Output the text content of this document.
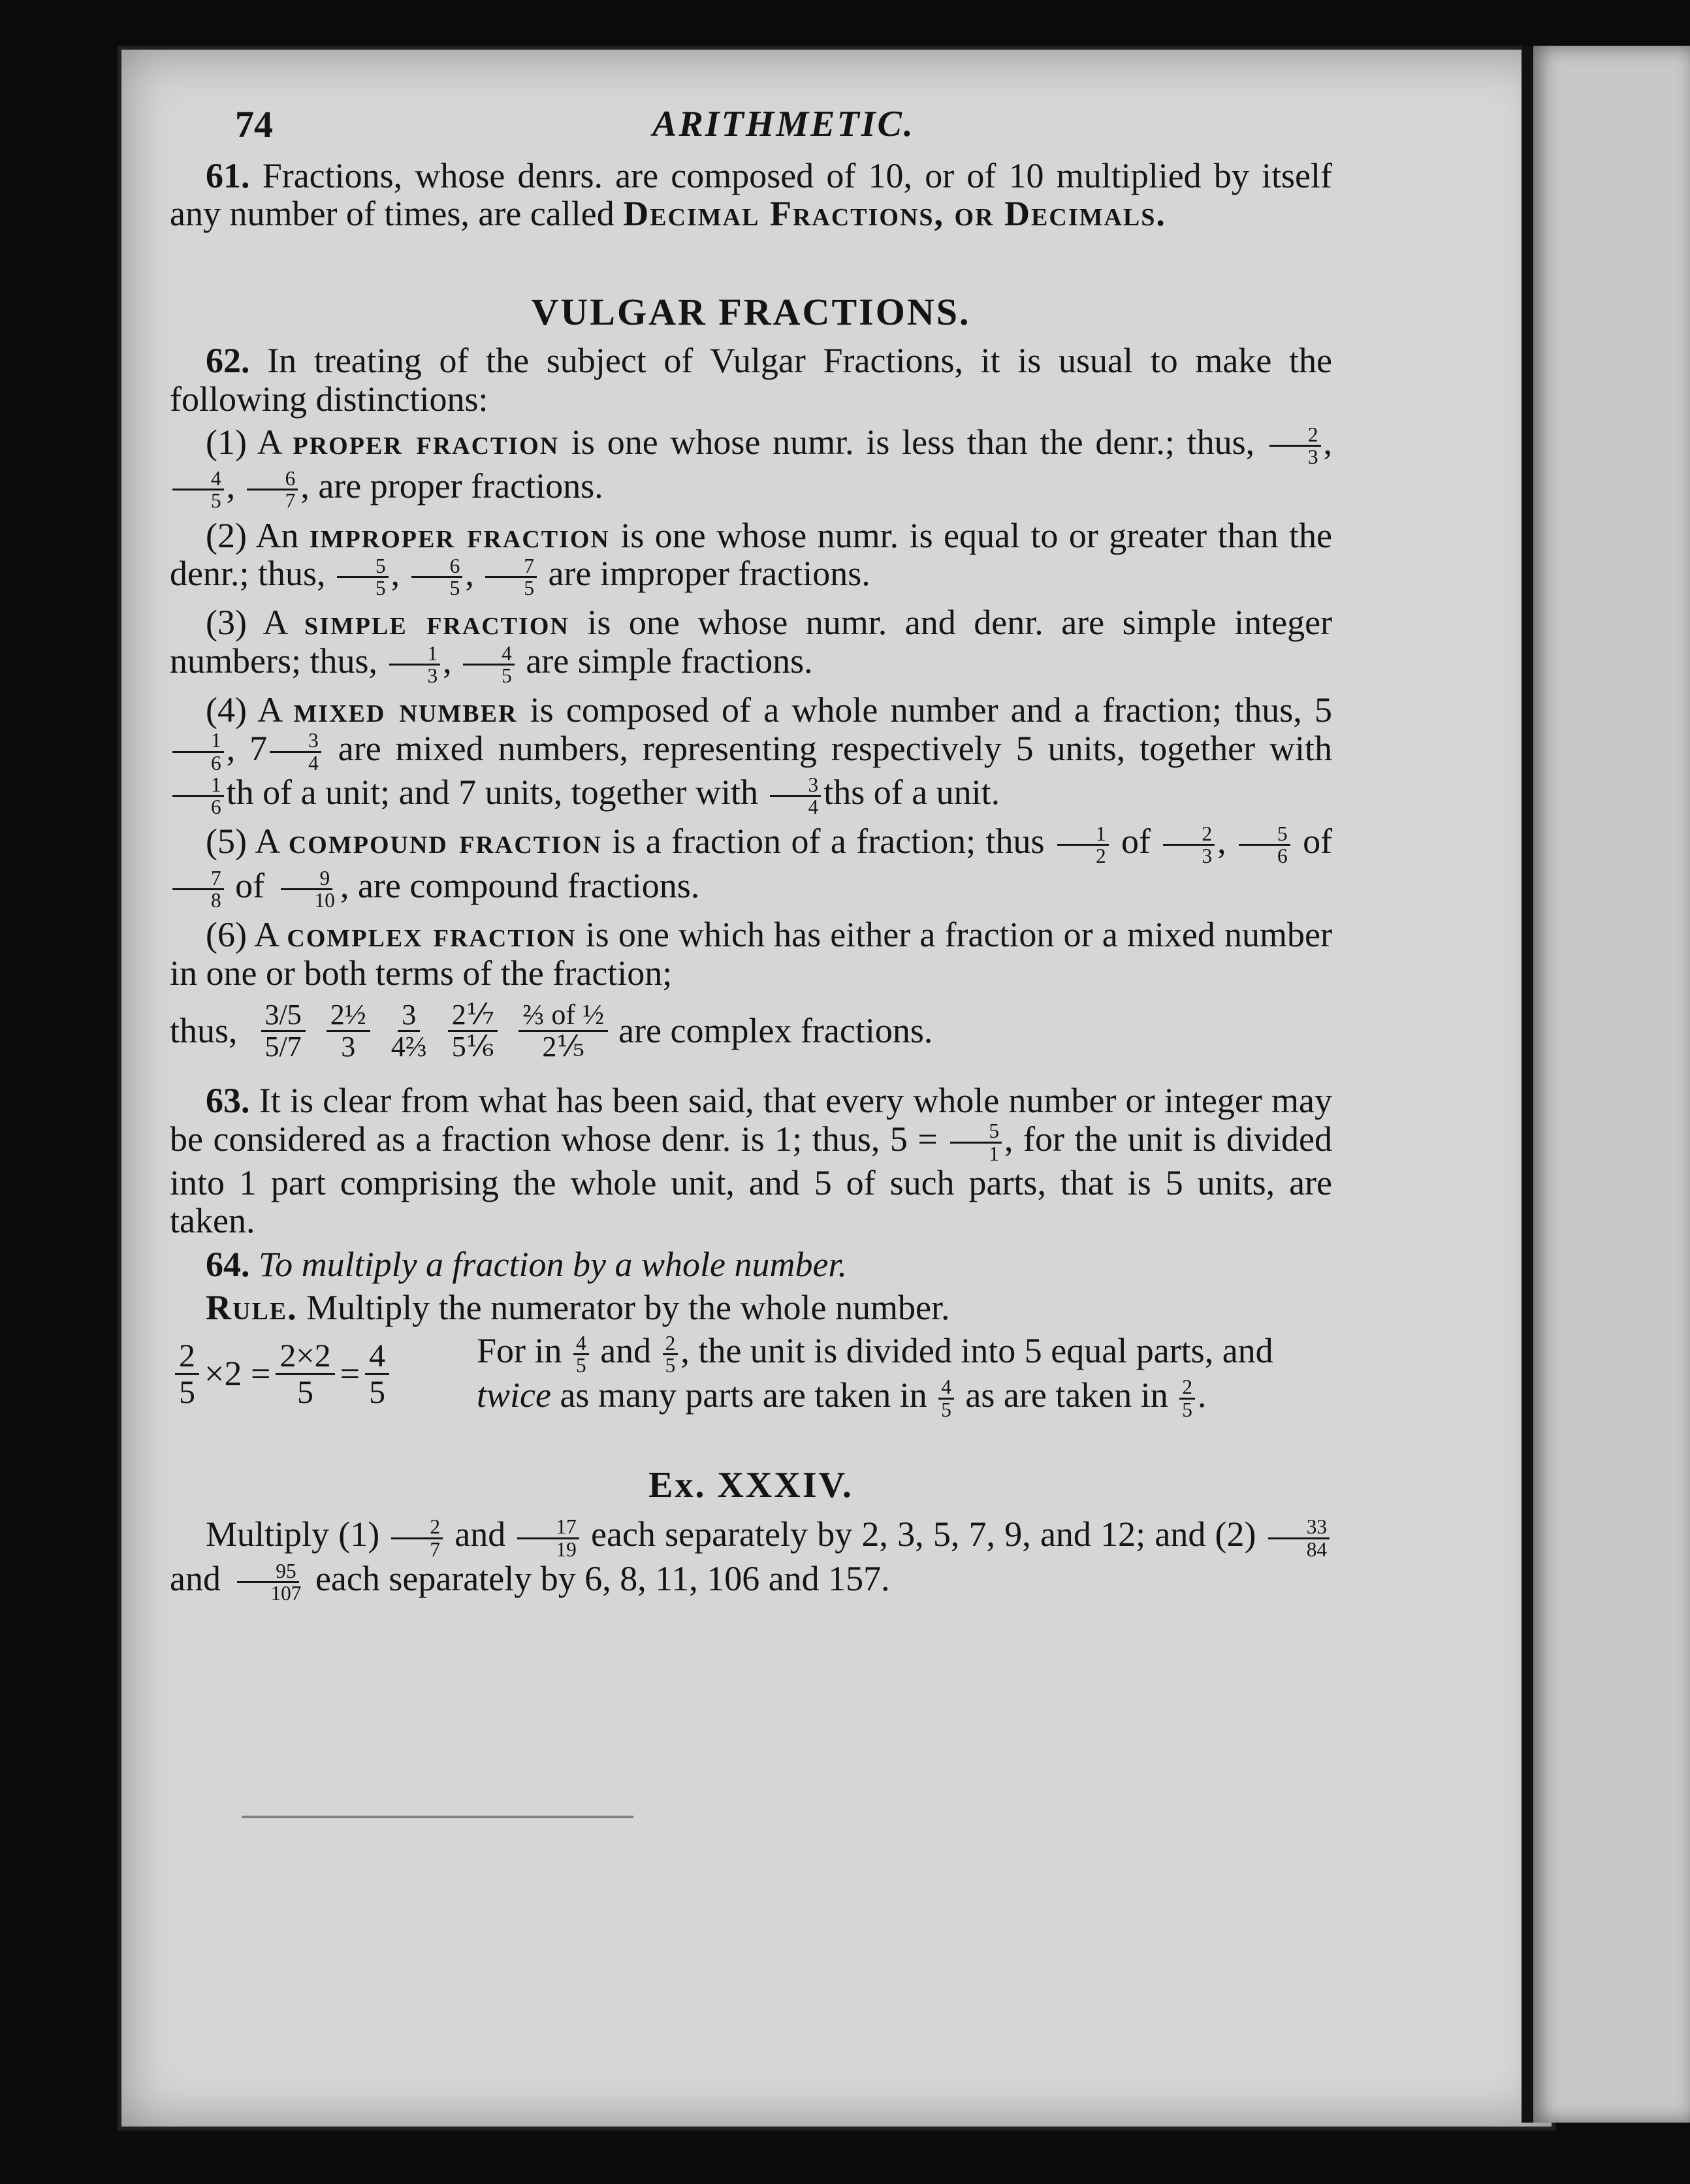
74	ARITHMETIC.

61. Fractions, whose denrs. are composed of 10, or of 10 multiplied by itself any number of times, are called Decimal Fractions, or Decimals.

VULGAR FRACTIONS.

62. In treating of the subject of Vulgar Fractions, it is usual to make the following distinctions:

(1) A proper fraction is one whose numr. is less than the denr.; thus, $\frac{2}{3}$ ,
$\frac{4}{5}$ , $\frac{6}{7}$ , are proper fractions.

(2) An improper fraction is one whose numr. is equal to or greater than the denr.; thus, $\frac{5}{5}$ , $\frac{6}{5}$ , $\frac{7}{5}$ are improper fractions.

(3) A simple fraction is one whose numr. and denr. are simple integer numbers; thus, $\frac{1}{3}$ , $\frac{4}{5}$ are simple fractions.

(4) A mixed number is composed of a whole number and a fraction; thus, 5
$\frac{1}{6}$ , $7 \frac{3}{4}$ are mixed numbers, representing respectively 5 units, together with
$\frac{1}{6}$ th of a unit; and 7 units, together with $\frac{3}{4}$ ths of a unit.

(5) A compound fraction is a fraction of a fraction; thus $\frac{1}{2}$ of $\frac{2}{3}$ , $\frac{5}{6}$ of
$\frac{7}{8}$ of $\frac{9}{10}$ , are compound fractions.

(6) A complex fraction is one which has either a fraction or a mixed number in one or both terms of the fraction;

thus, 3/5
5/7
2½
3
3
4⅔
2⅐
5⅙
⅔ of ½
2⅕ are complex fractions.

63. It is clear from what has been said, that every whole number or integer may be considered as a fraction whose denr. is 1; thus, $5 = \frac{5}{1}$ , for the unit is divided into 1 part comprising the whole unit, and 5 of such parts, that is 5 units, are taken.

64. To multiply a fraction by a whole number.

Rule. Multiply the numerator by the whole number.

$\frac{2}{5} \times 2 = \frac{2\times 2}{5} = \frac{4}{5}$ For in $\frac{4}{5}$ and $\frac{2}{5}$ , the unit is divided into 5 equal parts, and twice as many parts are taken in $\frac{4}{5}$ as are taken in $\frac{2}{5}$ .
Ex. XXXIV.

Multiply $(1) \frac{2}{7}$ and $\frac{17}{19}$ each separately by 2, 3, 5, 7, 9, and 12; and $(2) \frac{33}{84}$
and $\frac{95}{107}$ each separately by 6, 8, 11, 106 and 157.
